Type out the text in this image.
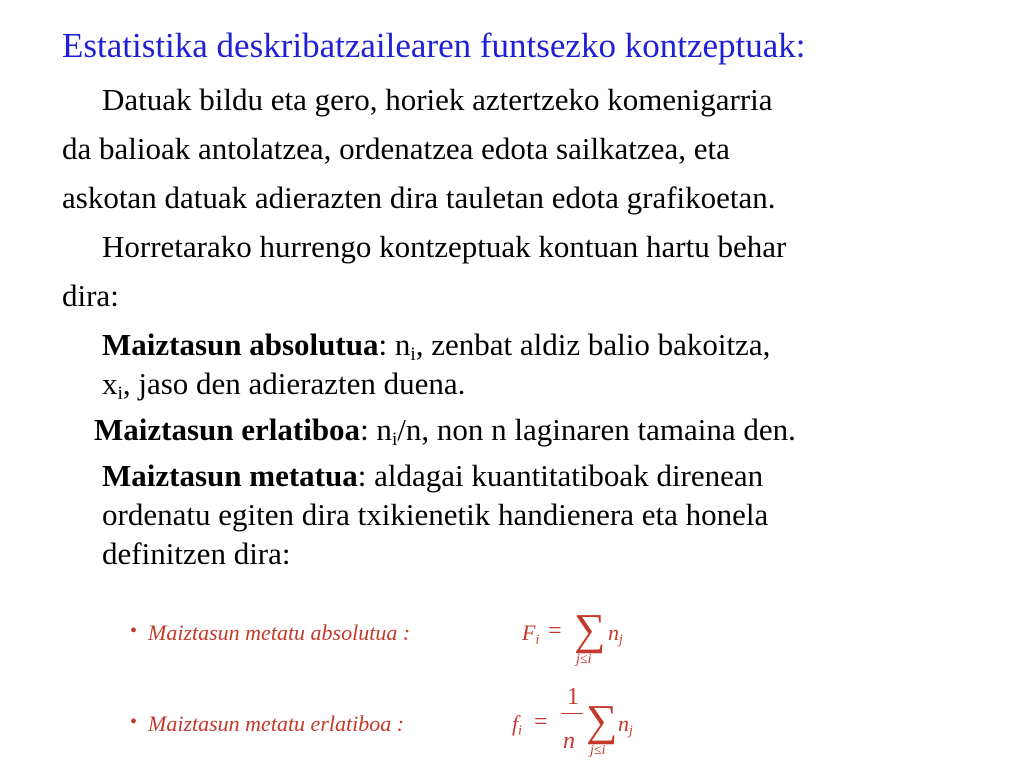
Estatistika deskribatzailearen funtsezko kontzeptuak:
Datuak bildu eta gero, horiek aztertzeko komenigarria
da balioak antolatzea, ordenatzea edota sailkatzea, eta
askotan datuak adierazten dira tauletan edota grafikoetan.
Horretarako hurrengo kontzeptuak kontuan hartu behar
dira:
Maiztasun absolutua: $n_i$, zenbat aldiz balio bakoitza,
$x_i$, jaso den adierazten duena.
Maiztasun erlatiboa: $n_i/n$, non n laginaren tamaina den.
Maiztasun metatua: aldagai kuantitatiboak direnean
ordenatu egiten dira txikienetik handienera eta honela
definitzen dira:
• Maiztasun metatu absolutua :	$F_i$ = ∑ $n_j$
j≤i
• Maiztasun metatu erlatiboa :	$f_i$ =
1
n ∑ $n_j$
j≤i
